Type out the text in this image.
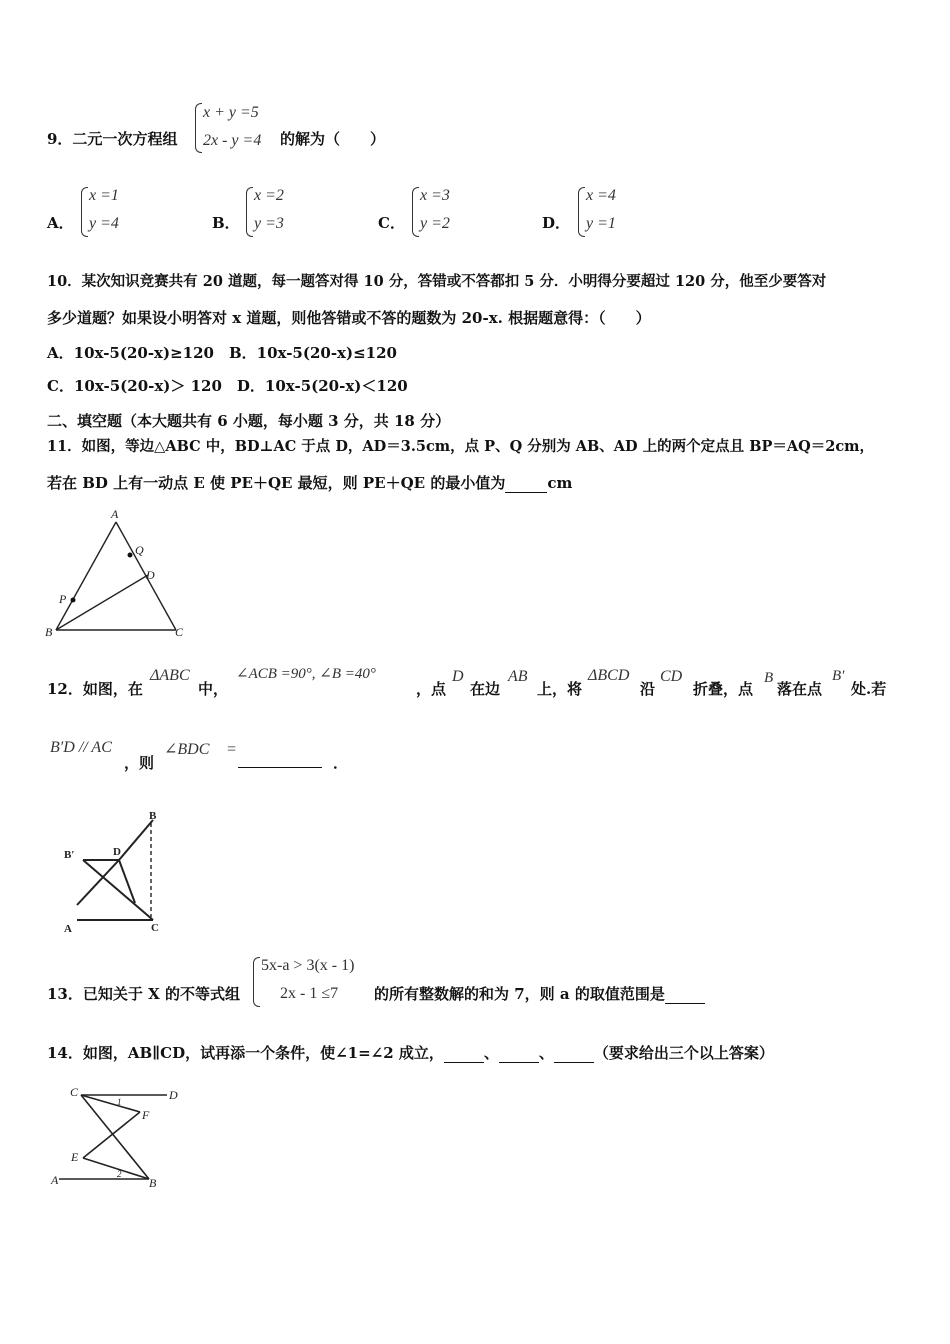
9．二元一次方程组
x + y =5
2x - y =4 的解为（　　）
A．
x =1
y =4	B．
x =2
y =3	C．
x =3
y =2	D．
x =4
y =1
10．某次知识竞赛共有 20 道题，每一题答对得 10 分，答错或不答都扣 5 分．小明得分要超过 120 分，他至少要答对
多少道题？如果设小明答对 x 道题，则他答错或不答的题数为 20-x. 根据题意得：（　　）
A．10x-5(20-x)≥120　B．10x-5(20-x)≤120
C．10x-5(20-x)＞ 120　D．10x-5(20-x)＜120
二、填空题（本大题共有 6 小题，每小题 3 分，共 18 分）
11．如图，等边△ABC 中，BD⊥AC 于点 D，AD＝3.5cm，点 P、Q 分别为 AB、AD 上的两个定点且 BP＝AQ＝2cm，
若在 BD 上有一动点 E 使 PE＋QE 最短，则 PE＋QE 的最小值为	cm
A
Q
D
P
B	C
12．如图，在
ΔABC
中，
∠ACB =90°, ∠B =40°
，点
D
在边
AB
上，将
ΔBCD
沿
CD
折叠，点
B
落在点
B′
处.若
B′D // AC
，则
∠BDC =
．
B
B′	D
A	C
13．已知关于 X 的不等式组
5x-a > 3(x - 1)
2x - 1 ≤7 的所有整数解的和为 7，则 a 的取值范围是
14．如图，AB∥CD，试再添一个条件，使∠1=∠2 成立，	、	、	（要求给出三个以上答案）
C	D
F
E
A	B
1
2
